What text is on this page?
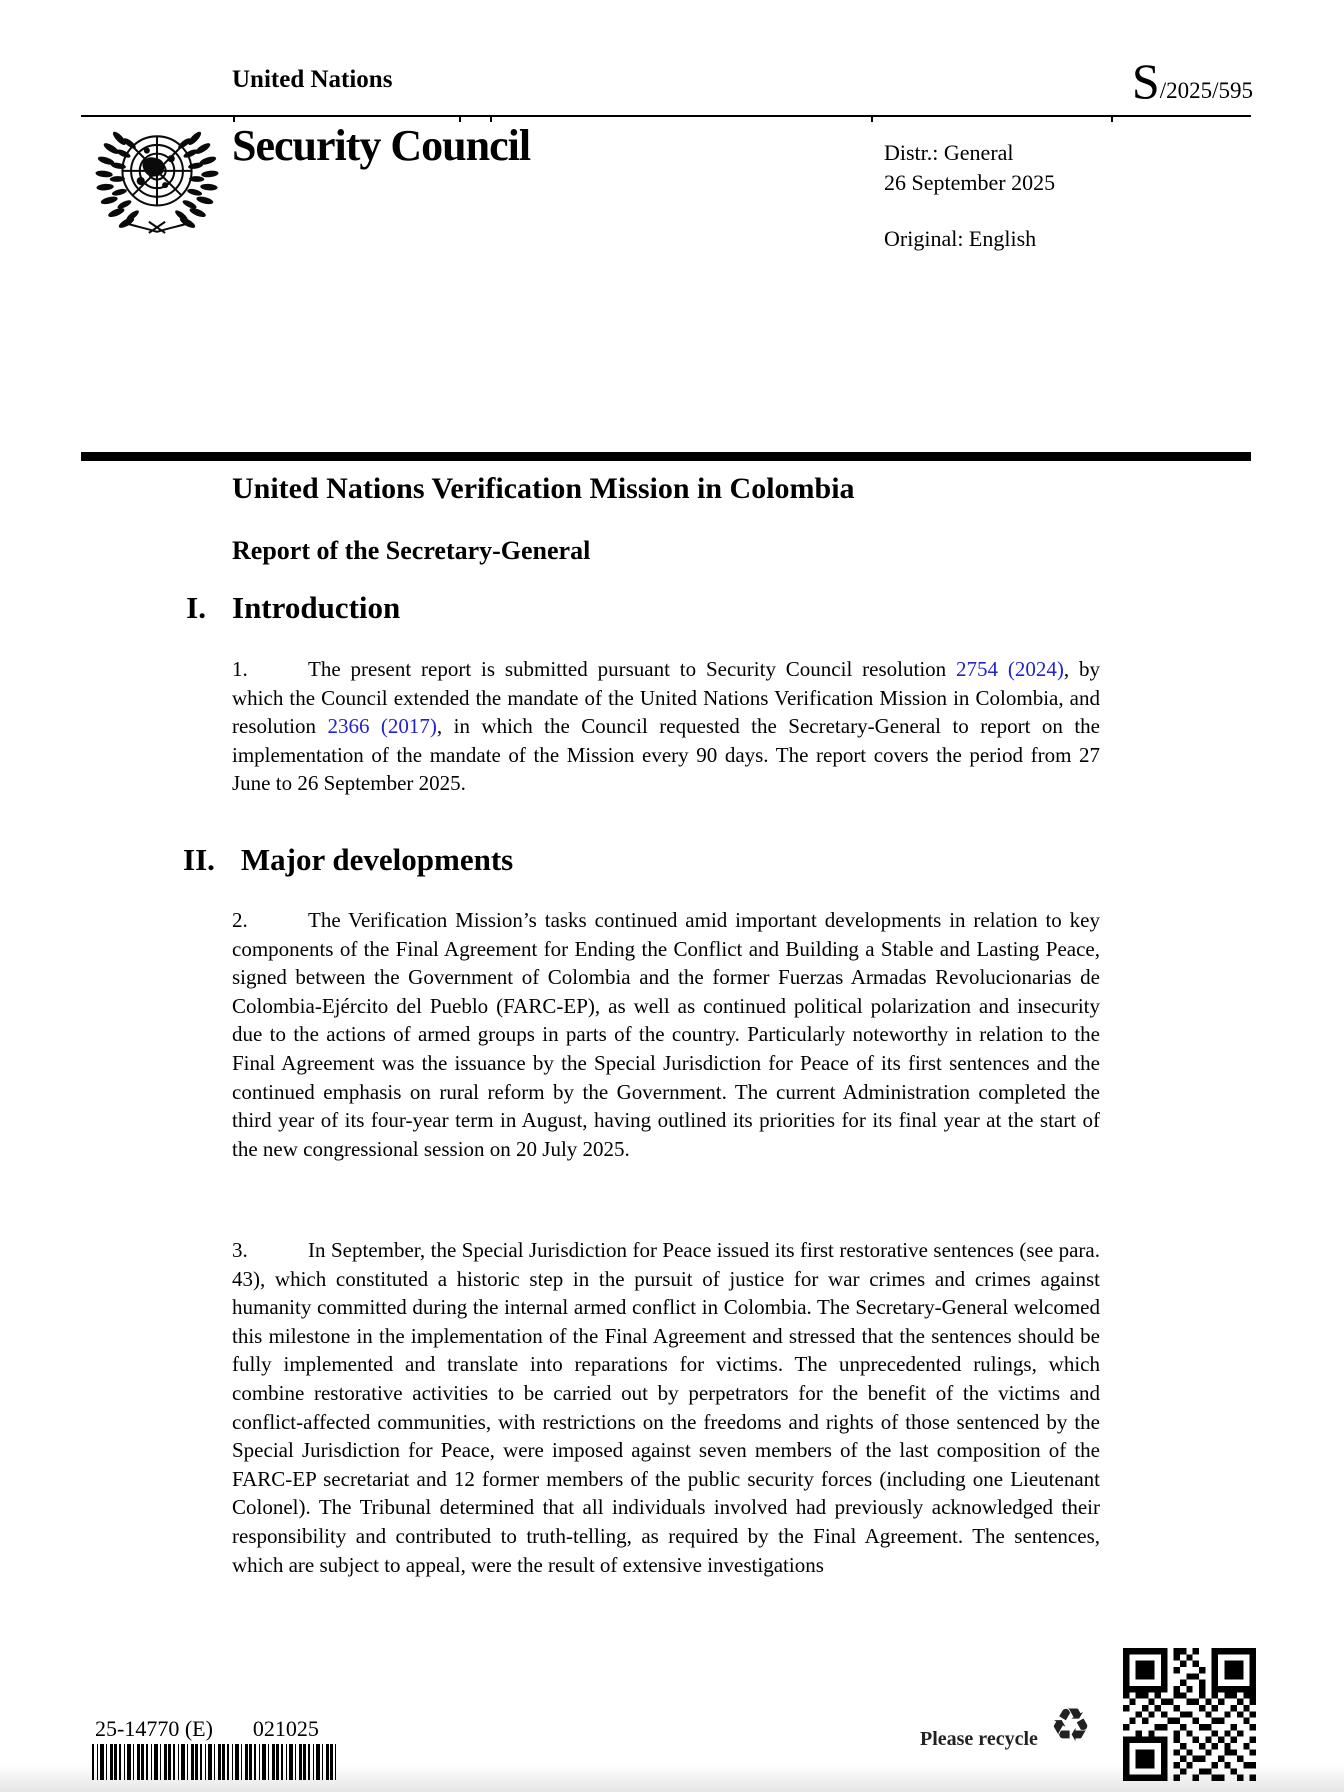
United Nations	S /2025/595
Security Council	Distr.: General
26 September 2025
Original: English
United Nations Verification Mission in Colombia
Report of the Secretary-General
I. Introduction
1.	The present report is submitted pursuant to Security Council resolution 2754 (2024), by which the Council extended the mandate of the United Nations Verification Mission in Colombia, and resolution 2366 (2017), in which the Council requested the Secretary-General to report on the implementation of the mandate of the Mission every 90 days. The report covers the period from 27 June to 26 September 2025.
II. Major developments
2.	The Verification Mission’s tasks continued amid important developments in relation to key components of the Final Agreement for Ending the Conflict and Building a Stable and Lasting Peace, signed between the Government of Colombia and the former Fuerzas Armadas Revolucionarias de Colombia-Ejército del Pueblo (FARC-EP), as well as continued political polarization and insecurity due to the actions of armed groups in parts of the country. Particularly noteworthy in relation to the Final Agreement was the issuance by the Special Jurisdiction for Peace of its first sentences and the continued emphasis on rural reform by the Government. The current Administration completed the third year of its four-year term in August, having outlined its priorities for its final year at the start of the new congressional session on 20 July 2025.
3.	In September, the Special Jurisdiction for Peace issued its first restorative sentences (see para. 43), which constituted a historic step in the pursuit of justice for war crimes and crimes against humanity committed during the internal armed conflict in Colombia. The Secretary-General welcomed this milestone in the implementation of the Final Agreement and stressed that the sentences should be fully implemented and translate into reparations for victims. The unprecedented rulings, which combine restorative activities to be carried out by perpetrators for the benefit of the victims and conflict-affected communities, with restrictions on the freedoms and rights of those sentenced by the Special Jurisdiction for Peace, were imposed against seven members of the last composition of the FARC-EP secretariat and 12 former members of the public security forces (including one Lieutenant Colonel). The Tribunal determined that all individuals involved had previously acknowledged their responsibility and contributed to truth-telling, as required by the Final Agreement. The sentences, which are subject to appeal, were the result of extensive investigations
25-14770 (E) 021025	Please recycle ♻
